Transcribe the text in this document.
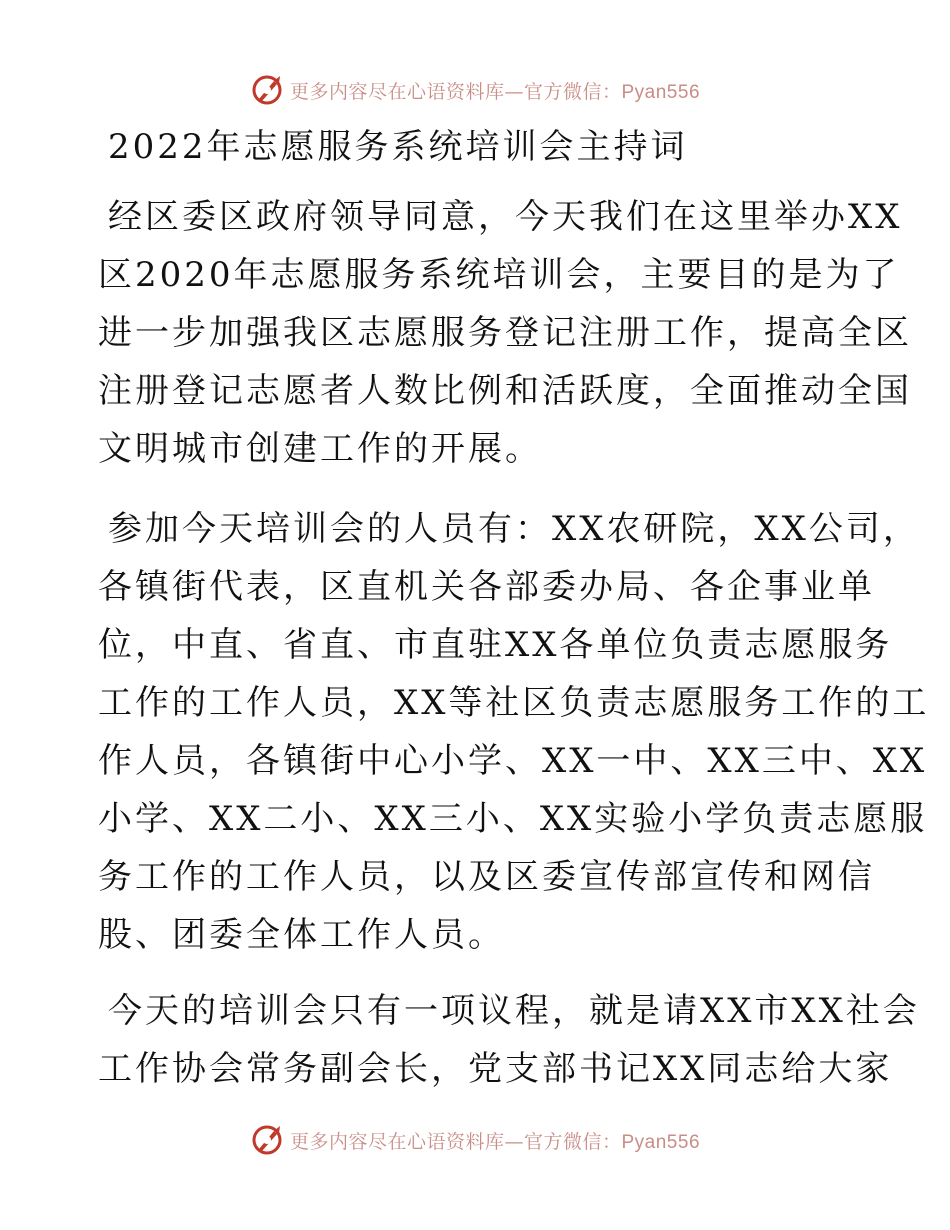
更多内容尽在心语资料库—官方微信：Pyan556
2022年志愿服务系统培训会主持词
经区委区政府领导同意，今天我们在这里举办XX
区2020年志愿服务系统培训会，主要目的是为了
进一步加强我区志愿服务登记注册工作，提高全区
注册登记志愿者人数比例和活跃度，全面推动全国
文明城市创建工作的开展。
参加今天培训会的人员有：XX农研院，XX公司，
各镇街代表，区直机关各部委办局、各企事业单
位，中直、省直、市直驻XX各单位负责志愿服务
工作的工作人员，XX等社区负责志愿服务工作的工
作人员，各镇街中心小学、XX一中、XX三中、XX
小学、XX二小、XX三小、XX实验小学负责志愿服
务工作的工作人员，以及区委宣传部宣传和网信
股、团委全体工作人员。
今天的培训会只有一项议程，就是请XX市XX社会
工作协会常务副会长，党支部书记XX同志给大家
更多内容尽在心语资料库—官方微信：Pyan556
